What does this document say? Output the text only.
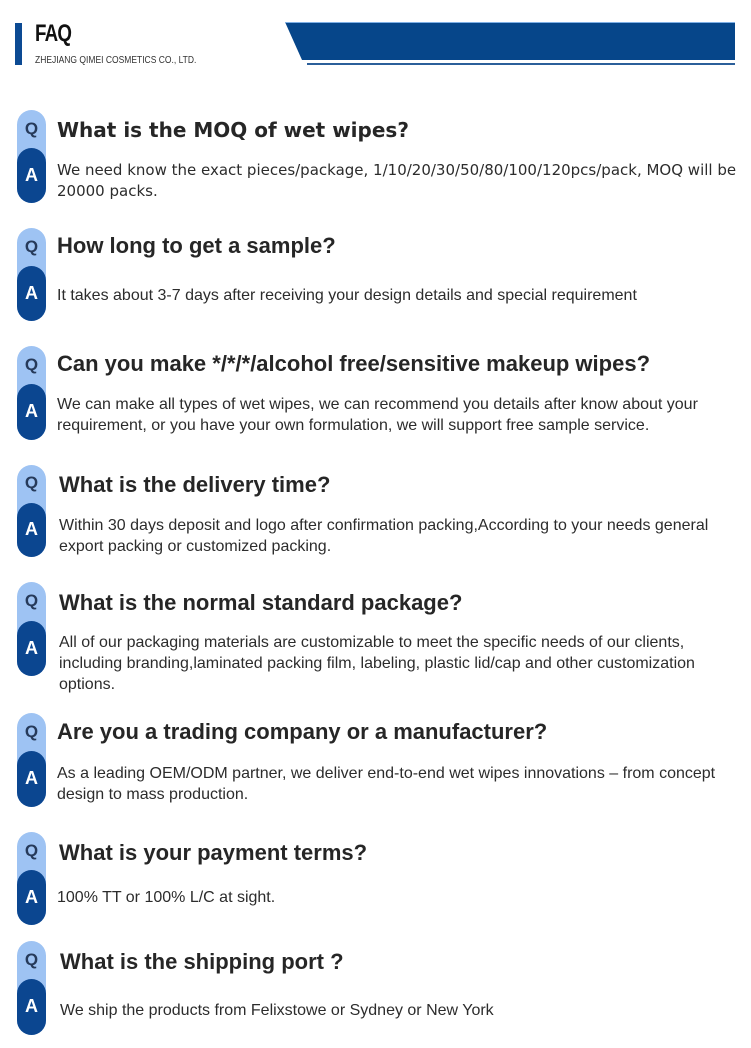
FAQ
ZHEJIANG QIMEI COSMETICS CO., LTD.
Q
A
What is the MOQ of wet wipes?
We need know the exact pieces/package, 1/10/20/30/50/80/100/120pcs/pack, MOQ will be 20000 packs.
Q
A
How long to get a sample?
It takes about 3-7 days after receiving your design details and special requirement
Q
A
Can you make */*/*/alcohol free/sensitive makeup wipes?
We can make all types of wet wipes, we can recommend you details after know about your requirement, or you have your own formulation, we will support free sample service.
Q
A
What is the delivery time?
Within 30 days deposit and logo after confirmation packing,According to your needs general export packing or customized packing.
Q
A
What is the normal standard package?
All of our packaging materials are customizable to meet the specific needs of our clients, including branding,laminated packing film, labeling, plastic lid/cap and other customization options.
Q
A
Are you a trading company or a manufacturer?
As a leading OEM/ODM partner, we deliver end-to-end wet wipes innovations – from concept design to mass production.
Q
A
What is your payment terms?
100% TT or 100% L/C at sight.
Q
A
What is the shipping port ?
We ship the products from Felixstowe or Sydney or New York
